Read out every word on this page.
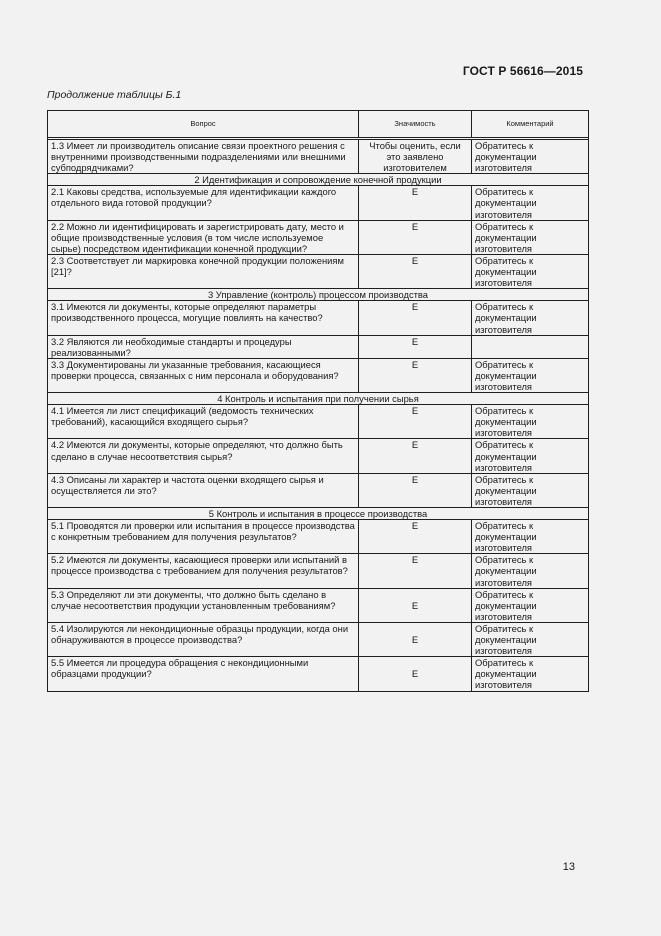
ГОСТ Р 56616—2015
Продолжение таблицы Б.1
Вопрос	Значимость	Комментарий

1.3 Имеет ли производитель описание связи проектного решения с внутренними производственными подразделениями или внешними субподрядчиками?	Чтобы оценить, если это заявлено изготовителем	Обратитесь к документации изготовителя
2 Идентификация и сопровождение конечной продукции		
2.1 Каковы средства, используемые для идентификации каждого отдельного вида готовой продукции?	E	Обратитесь к документации изготовителя
2.2 Можно ли идентифицировать и зарегистрировать дату, место и общие производственные условия (в том числе используемое сырье) посредством идентификации конечной продукции?	E	Обратитесь к документации изготовителя
2.3 Соответствует ли маркировка конечной продукции положениям [21]?	E	Обратитесь к документации изготовителя
3 Управление (контроль) процессом производства		
3.1 Имеются ли документы, которые определяют параметры производственного процесса, могущие повлиять на качество?	E	Обратитесь к документации изготовителя
3.2 Являются ли необходимые стандарты и процедуры реализованными?	E	
3.3 Документированы ли указанные требования, касающиеся проверки процесса, связанных с ним персонала и оборудования?	E	Обратитесь к документации изготовителя
4 Контроль и испытания при получении сырья		
4.1 Имеется ли лист спецификаций (ведомость технических требований), касающийся входящего сырья?	E	Обратитесь к документации изготовителя
4.2 Имеются ли документы, которые определяют, что должно быть сделано в случае несоответствия сырья?	E	Обратитесь к документации изготовителя
4.3 Описаны ли характер и частота оценки входящего сырья и осуществляется ли это?	E	Обратитесь к документации изготовителя
5 Контроль и испытания в процессе производства		
5.1 Проводятся ли проверки или испытания в процессе производства с конкретным требованием для получения результатов?	E	Обратитесь к документации изготовителя
5.2 Имеются ли документы, касающиеся проверки или испытаний в процессе производства с требованием для получения результатов?	E	Обратитесь к документации изготовителя
5.3 Определяют ли эти документы, что должно быть сделано в случае несоответствия продукции установленным требованиям?	E	Обратитесь к документации изготовителя
5.4 Изолируются ли некондиционные образцы продукции, когда они обнаруживаются в процессе производства?	E	Обратитесь к документации изготовителя
5.5 Имеется ли процедура обращения с некондиционными образцами продукции?	E	Обратитесь к документации изготовителя
13
